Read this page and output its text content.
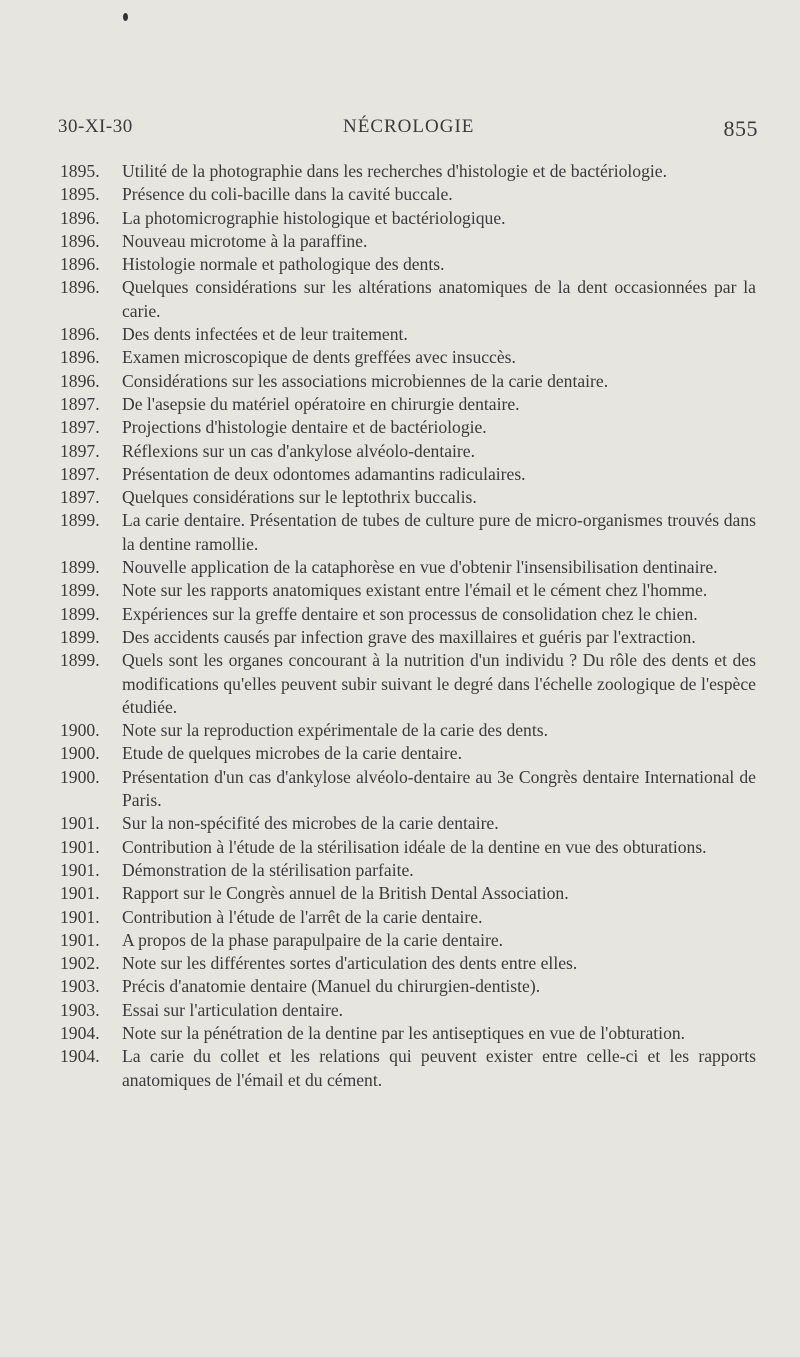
30-XI-30	NÉCROLOGIE	855
1895.	Utilité de la photographie dans les recherches d'histologie et de bactériologie.
1895.	Présence du coli-bacille dans la cavité buccale.
1896.	La photomicrographie histologique et bactériologique.
1896.	Nouveau microtome à la paraffine.
1896.	Histologie normale et pathologique des dents.
1896.	Quelques considérations sur les altérations anatomiques de la dent occasionnées par la carie.
1896.	Des dents infectées et de leur traitement.
1896.	Examen microscopique de dents greffées avec insuccès.
1896.	Considérations sur les associations microbiennes de la carie dentaire.
1897.	De l'asepsie du matériel opératoire en chirurgie dentaire.
1897.	Projections d'histologie dentaire et de bactériologie.
1897.	Réflexions sur un cas d'ankylose alvéolo-dentaire.
1897.	Présentation de deux odontomes adamantins radiculaires.
1897.	Quelques considérations sur le leptothrix buccalis.
1899.	La carie dentaire. Présentation de tubes de culture pure de micro-organismes trouvés dans la dentine ramollie.
1899.	Nouvelle application de la cataphorèse en vue d'obtenir l'insensibilisation dentinaire.
1899.	Note sur les rapports anatomiques existant entre l'émail et le cément chez l'homme.
1899.	Expériences sur la greffe dentaire et son processus de consolidation chez le chien.
1899.	Des accidents causés par infection grave des maxillaires et guéris par l'extraction.
1899.	Quels sont les organes concourant à la nutrition d'un individu ? Du rôle des dents et des modifications qu'elles peuvent subir suivant le degré dans l'échelle zoologique de l'espèce étudiée.
1900.	Note sur la reproduction expérimentale de la carie des dents.
1900.	Etude de quelques microbes de la carie dentaire.
1900.	Présentation d'un cas d'ankylose alvéolo-dentaire au 3e Congrès dentaire International de Paris.
1901.	Sur la non-spécifité des microbes de la carie dentaire.
1901.	Contribution à l'étude de la stérilisation idéale de la dentine en vue des obturations.
1901.	Démonstration de la stérilisation parfaite.
1901.	Rapport sur le Congrès annuel de la British Dental Association.
1901.	Contribution à l'étude de l'arrêt de la carie dentaire.
1901.	A propos de la phase parapulpaire de la carie dentaire.
1902.	Note sur les différentes sortes d'articulation des dents entre elles.
1903.	Précis d'anatomie dentaire (Manuel du chirurgien-dentiste).
1903.	Essai sur l'articulation dentaire.
1904.	Note sur la pénétration de la dentine par les antiseptiques en vue de l'obturation.
1904.	La carie du collet et les relations qui peuvent exister entre celle-ci et les rapports anatomiques de l'émail et du cément.
